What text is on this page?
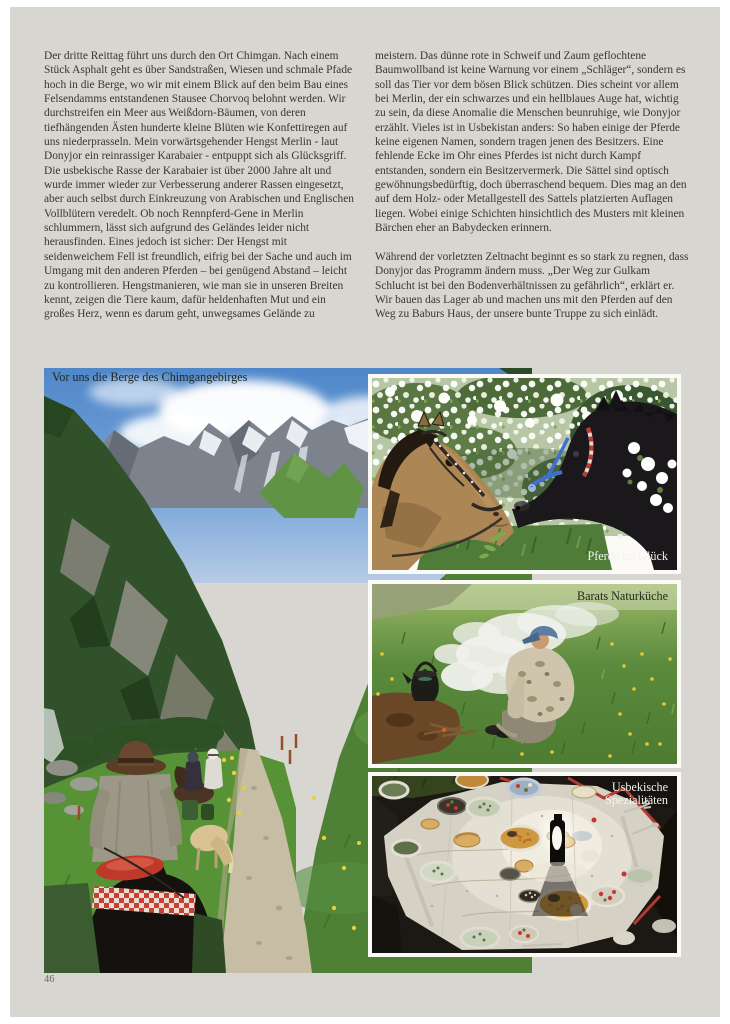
Der dritte Reittag führt uns durch den Ort Chimgan. Nach einem Stück Asphalt geht es über Sandstraßen, Wiesen und schmale Pfade hoch in die Berge, wo wir mit einem Blick auf den beim Bau eines Felsendamms entstandenen Stausee Chorvoq belohnt werden. Wir durchstreifen ein Meer aus Weißdorn-Bäumen, von deren tiefhängenden Ästen hunderte kleine Blüten wie Konfettiregen auf uns niederprasseln. Mein vorwärtsgehender Hengst Merlin - laut Donyjor ein reinrassiger Karabaier - entpuppt sich als Glücksgriff. Die usbekische Rasse der Karabaier ist über 2000 Jahre alt und wurde immer wieder zur Verbesserung anderer Rassen eingesetzt, aber auch selbst durch Einkreuzung von Arabischen und Englischen Vollblütern veredelt. Ob noch Rennpferd-Gene in Merlin schlummern, lässt sich aufgrund des Geländes leider nicht herausfinden. Eines jedoch ist sicher: Der Hengst mit seidenweichem Fell ist freundlich, eifrig bei der Sache und auch im Umgang mit den anderen Pferden – bei genügend Abstand – leicht zu kontrollieren. Hengstmanieren, wie man sie in unseren Breiten kennt, zeigen die Tiere kaum, dafür heldenhaften Mut und ein großes Herz, wenn es darum geht, unwegsames Gelände zu

meistern. Das dünne rote in Schweif und Zaum geflochtene Baumwollband ist keine Warnung vor einem „Schläger“, sondern es soll das Tier vor dem bösen Blick schützen. Dies scheint vor allem bei Merlin, der ein schwarzes und ein hellblaues Auge hat, wichtig zu sein, da diese Anomalie die Menschen beunruhige, wie Donyjor erzählt. Vieles ist in Usbekistan anders: So haben einige der Pferde keine eigenen Namen, sondern tragen jenen des Besitzers. Eine fehlende Ecke im Ohr eines Pferdes ist nicht durch Kampf entstanden, sondern ein Besitzervermerk. Die Sättel sind optisch gewöhnungsbedürftig, doch überraschend bequem. Dies mag an den auf dem Holz- oder Metallgestell des Sattels platzierten Auflagen liegen. Wobei einige Schichten hinsichtlich des Musters mit kleinen Bärchen eher an Babydecken erinnern.

Während der vorletzten Zeltnacht beginnt es so stark zu regnen, dass Donyjor das Programm ändern muss. „Der Weg zur Gulkam Schlucht ist bei den Bodenverhältnissen zu gefährlich“, erklärt er. Wir bauen das Lager ab und machen uns mit den Pferden auf den Weg zu Baburs Haus, der unsere bunte Truppe zu sich einlädt.

Vor uns die Berge des Chimgangebirges
Pferde im Glück
Barats Naturküche
Usbekische
Spezialitäten
46
